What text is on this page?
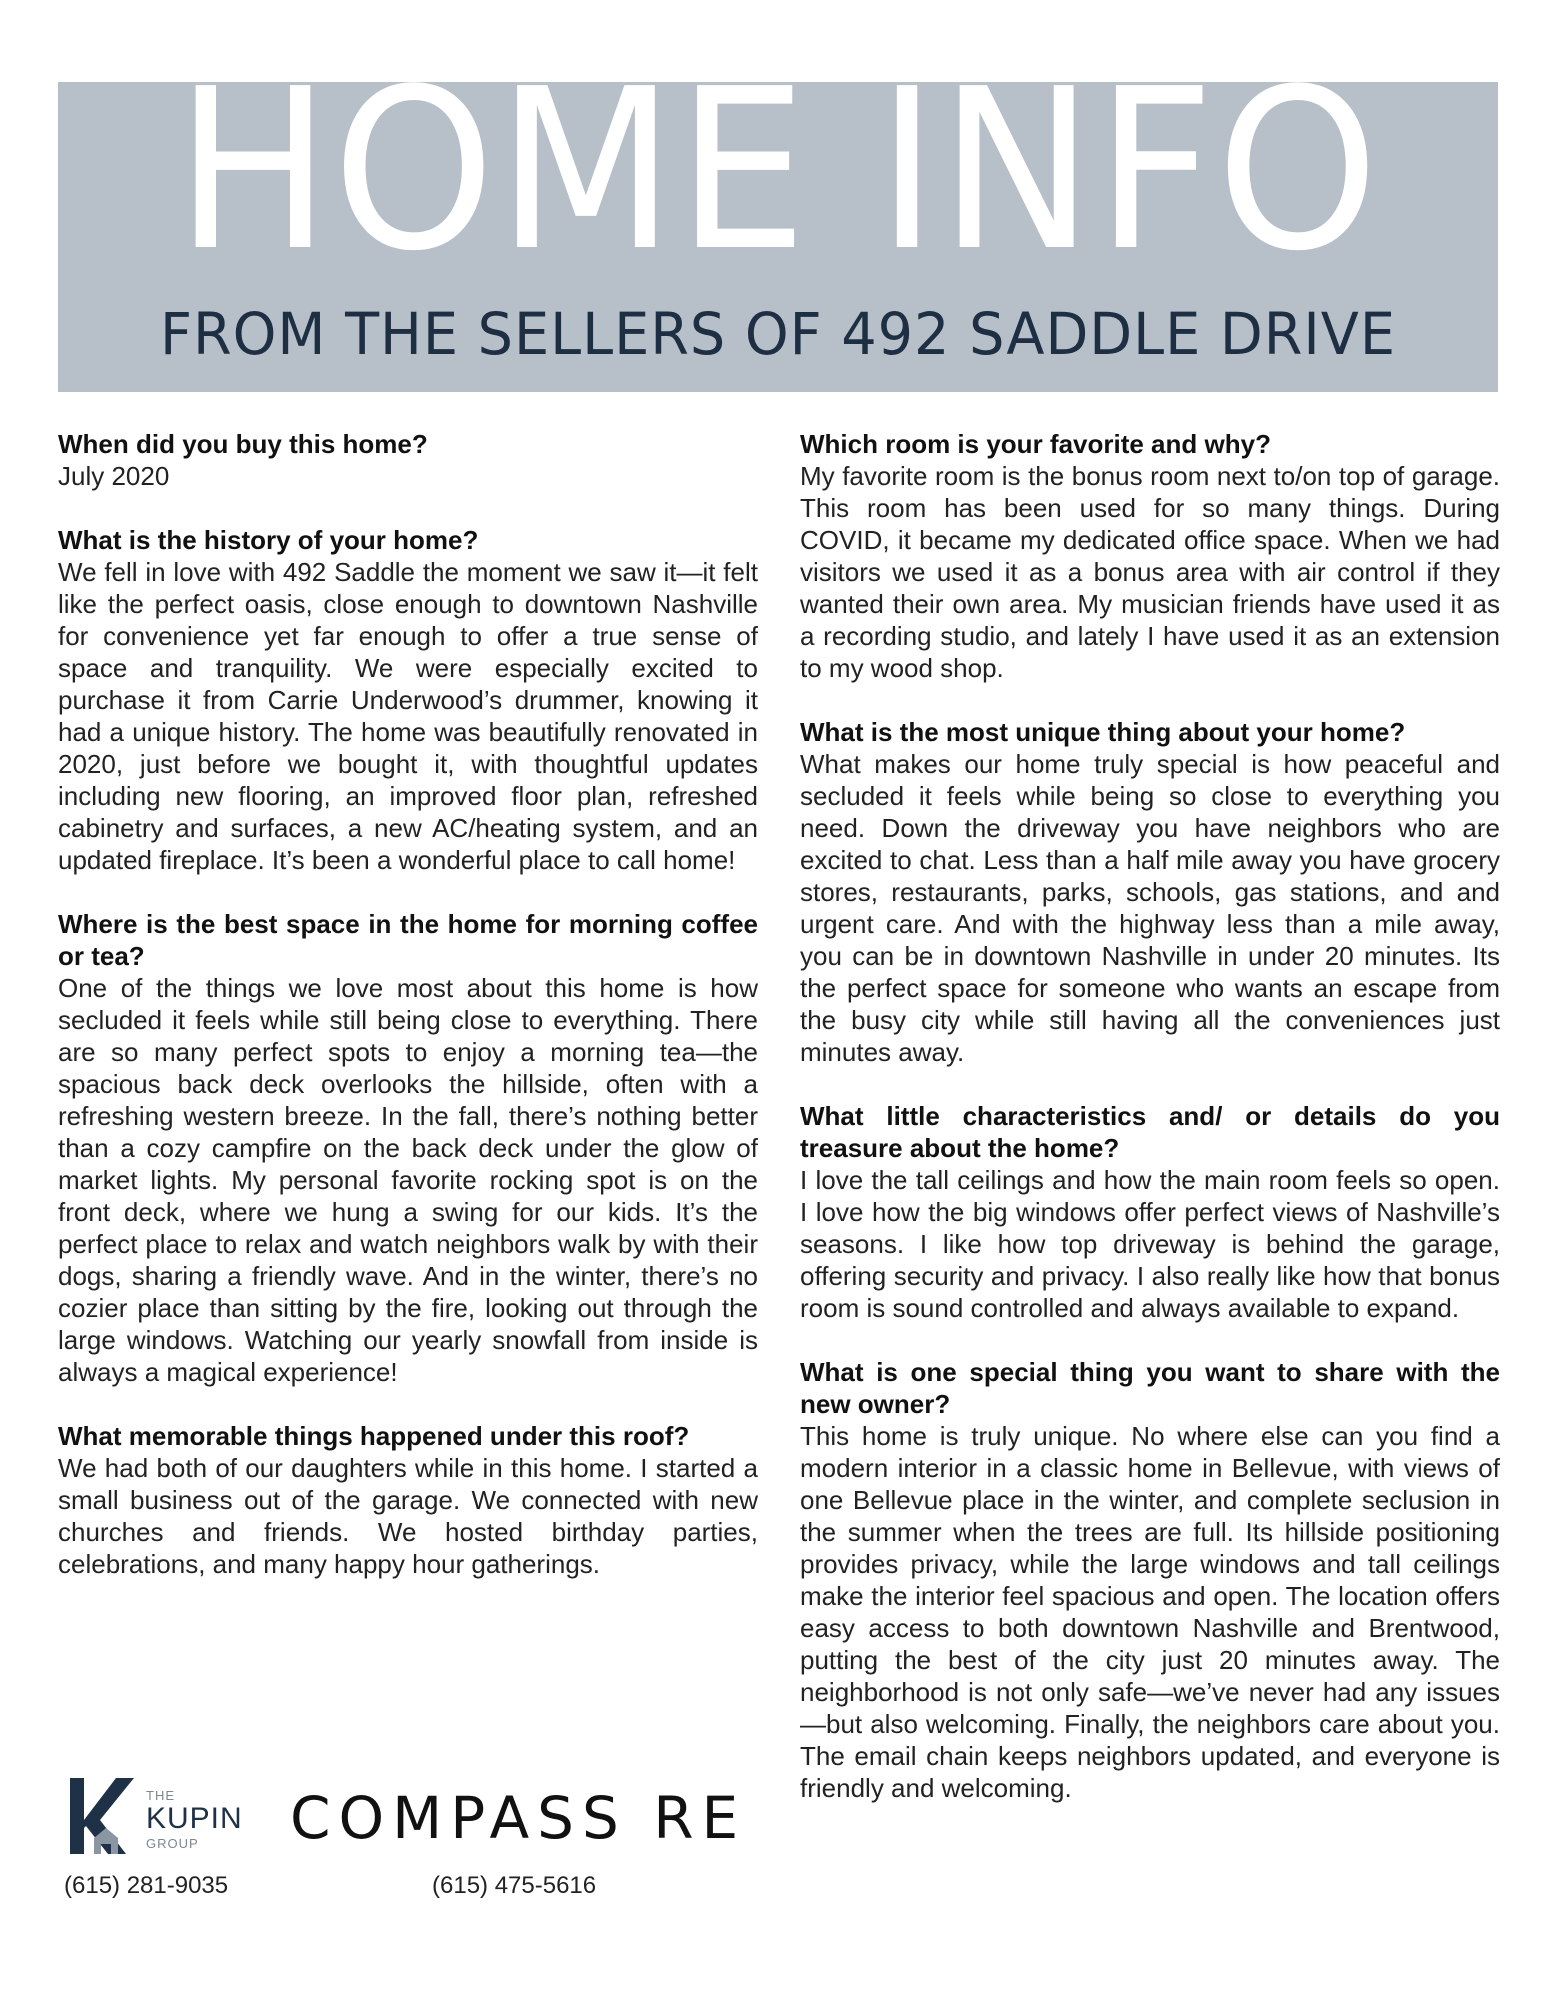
HOME INFO
FROM THE SELLERS OF 492 SADDLE DRIVE
When did you buy this home?
July 2020
What is the history of your home?
We fell in love with 492 Saddle the moment we saw it—it felt like the perfect oasis, close enough to downtown Nashville for convenience yet far enough to offer a true sense of space and tranquility. We were especially excited to purchase it from Carrie Underwood’s drummer, knowing it had a unique history. The home was beautifully renovated in 2020, just before we bought it, with thoughtful updates including new flooring, an improved floor plan, refreshed cabinetry and surfaces, a new AC/heating system, and an updated fireplace. It’s been a wonderful place to call home!
Where is the best space in the home for morning coffee or tea?
One of the things we love most about this home is how secluded it feels while still being close to everything. There are so many perfect spots to enjoy a morning tea—the spacious back deck overlooks the hillside, often with a refreshing western breeze. In the fall, there’s nothing better than a cozy campfire on the back deck under the glow of market lights. My personal favorite rocking spot is on the front deck, where we hung a swing for our kids. It’s the perfect place to relax and watch neighbors walk by with their dogs, sharing a friendly wave. And in the winter, there’s no cozier place than sitting by the fire, looking out through the large windows. Watching our yearly snowfall from inside is always a magical experience!
What memorable things happened under this roof?
We had both of our daughters while in this home. I started a small business out of the garage. We connected with new churches and friends. We hosted birthday parties, celebrations, and many happy hour gatherings.
Which room is your favorite and why?
My favorite room is the bonus room next to/on top of garage. This room has been used for so many things. During COVID, it became my dedicated office space. When we had visitors we used it as a bonus area with air control if they wanted their own area. My musician friends have used it as a recording studio, and lately I have used it as an extension to my wood shop.
What is the most unique thing about your home?
What makes our home truly special is how peaceful and secluded it feels while being so close to everything you need. Down the driveway you have neighbors who are excited to chat. Less than a half mile away you have grocery stores, restaurants, parks, schools, gas stations, and and urgent care. And with the highway less than a mile away, you can be in downtown Nashville in under 20 minutes. Its the perfect space for someone who wants an escape from the busy city while still having all the conveniences just minutes away.
What little characteristics and/ or details do you treasure about the home?
I love the tall ceilings and how the main room feels so open. I love how the big windows offer perfect views of Nashville’s seasons. I like how top driveway is behind the garage, offering security and privacy. I also really like how that bonus room is sound controlled and always available to expand.
What is one special thing you want to share with the new owner?
This home is truly unique. No where else can you find a modern interior in a classic home in Bellevue, with views of one Bellevue place in the winter, and complete seclusion in the summer when the trees are full. Its hillside positioning provides privacy, while the large windows and tall ceilings make the interior feel spacious and open. The location offers easy access to both downtown Nashville and Brentwood, putting the best of the city just 20 minutes away. The neighborhood is not only safe—we’ve never had any issues—but also welcoming. Finally, the neighbors care about you. The email chain keeps neighbors updated, and everyone is friendly and welcoming.
THE
KUPIN
GROUP COMPASS RE
(615) 281-9035	(615) 475-5616
